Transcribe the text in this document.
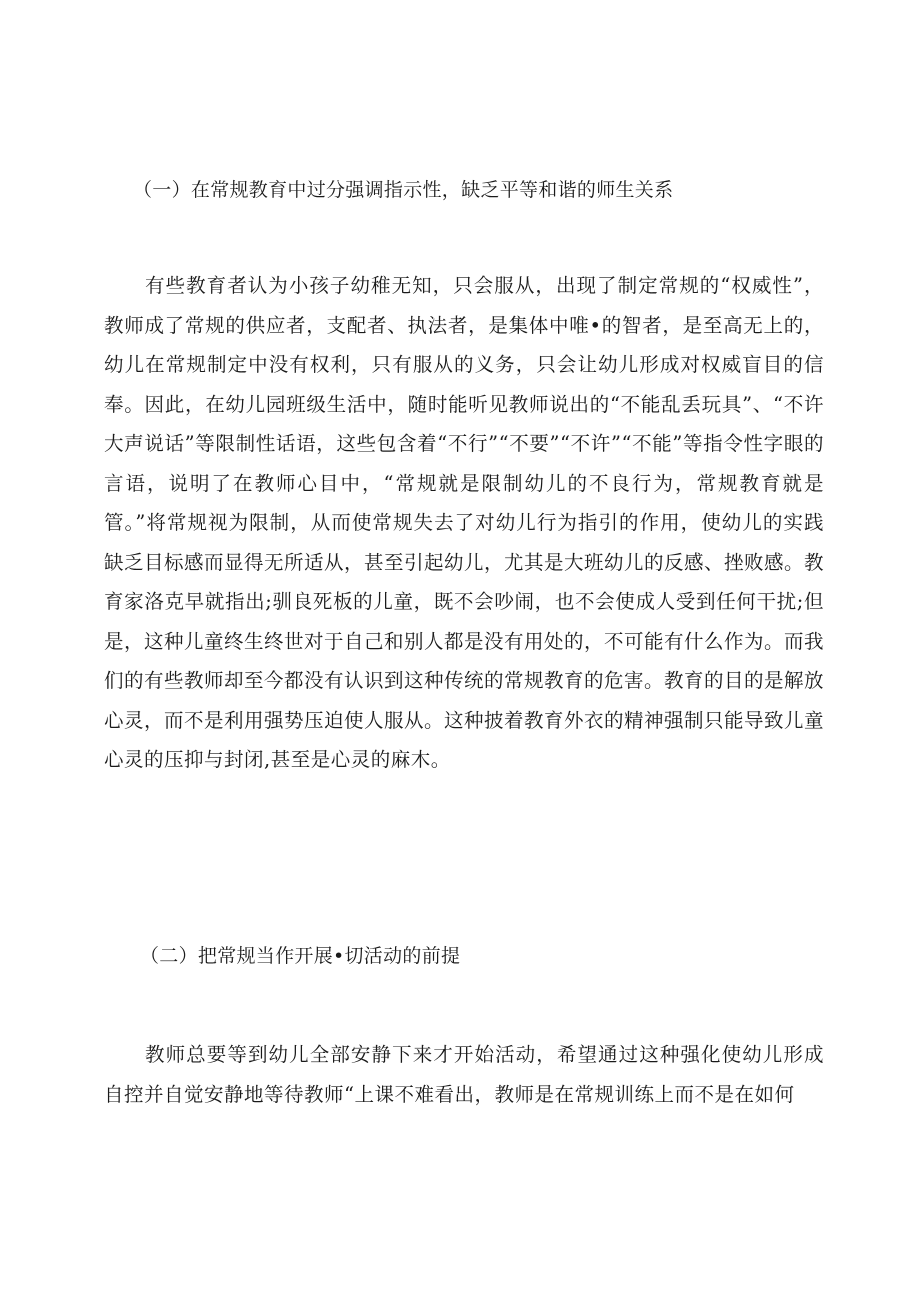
（一）在常规教育中过分强调指示性，缺乏平等和谐的师生关系
有些教育者认为小孩子幼稚无知，只会服从，出现了制定常规的“权威性”，教师成了常规的供应者，支配者、执法者，是集体中唯•的智者，是至高无上的，幼儿在常规制定中没有权利，只有服从的义务，只会让幼儿形成对权威盲目的信奉。因此，在幼儿园班级生活中，随时能听见教师说出的“不能乱丢玩具”、“不许大声说话”等限制性话语，这些包含着“不行”“不要”“不许”“不能”等指令性字眼的言语，说明了在教师心目中，“常规就是限制幼儿的不良行为，常规教育就是管。”将常规视为限制，从而使常规失去了对幼儿行为指引的作用，使幼儿的实践缺乏目标感而显得无所适从，甚至引起幼儿，尤其是大班幼儿的反感、挫败感。教育家洛克早就指出;驯良死板的儿童，既不会吵闹，也不会使成人受到任何干扰;但是，这种儿童终生终世对于自己和别人都是没有用处的，不可能有什么作为。而我们的有些教师却至今都没有认识到这种传统的常规教育的危害。教育的目的是解放心灵，而不是利用强势压迫使人服从。这种披着教育外衣的精神强制只能导致儿童心灵的压抑与封闭,甚至是心灵的麻木。
（二）把常规当作开展•切活动的前提
教师总要等到幼儿全部安静下来才开始活动，希望通过这种强化使幼儿形成自控并自觉安静地等待教师“上课不难看出，教师是在常规训练上而不是在如何
